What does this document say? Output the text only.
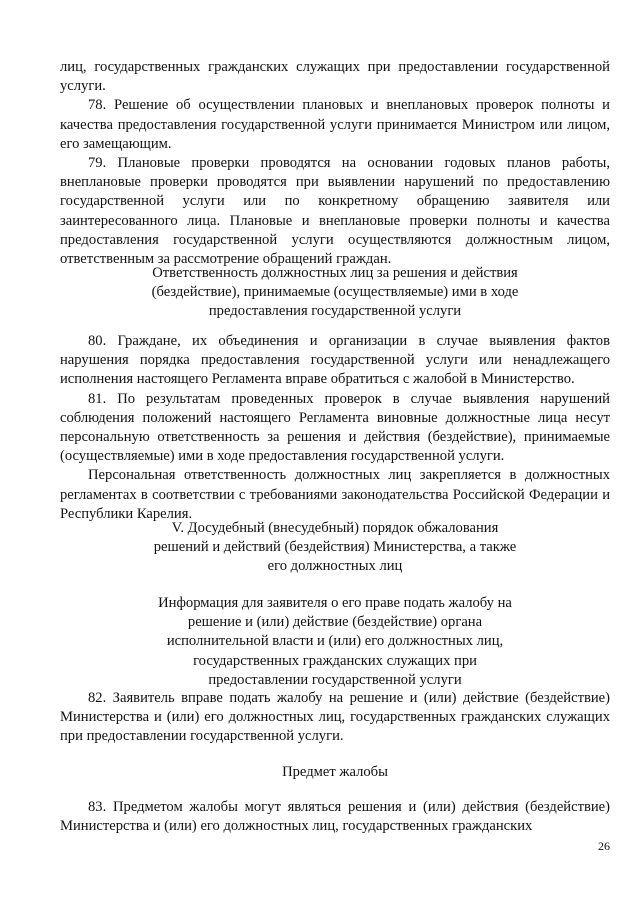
лиц, государственных гражданских служащих при предоставлении государственной услуги.

78. Решение об осуществлении плановых и внеплановых проверок полноты и качества предоставления государственной услуги принимается Министром или лицом, его замещающим.

79. Плановые проверки проводятся на основании годовых планов работы, внеплановые проверки проводятся при выявлении нарушений по предоставлению государственной услуги или по конкретному обращению заявителя или заинтересованного лица. Плановые и внеплановые проверки полноты и качества предоставления государственной услуги осуществляются должностным лицом, ответственным за рассмотрение обращений граждан.

Ответственность должностных лиц за решения и действия (бездействие), принимаемые (осуществляемые) ими в ходе предоставления государственной услуги

80. Граждане, их объединения и организации в случае выявления фактов нарушения порядка предоставления государственной услуги или ненадлежащего исполнения настоящего Регламента вправе обратиться с жалобой в Министерство.

81. По результатам проведенных проверок в случае выявления нарушений соблюдения положений настоящего Регламента виновные должностные лица несут персональную ответственность за решения и действия (бездействие), принимаемые (осуществляемые) ими в ходе предоставления государственной услуги.

Персональная ответственность должностных лиц закрепляется в должностных регламентах в соответствии с требованиями законодательства Российской Федерации и Республики Карелия.

V. Досудебный (внесудебный) порядок обжалования решений и действий (бездействия) Министерства, а также его должностных лиц

Информация для заявителя о его праве подать жалобу на решение и (или) действие (бездействие) органа исполнительной власти и (или) его должностных лиц, государственных гражданских служащих при предоставлении государственной услуги

82. Заявитель вправе подать жалобу на решение и (или) действие (бездействие) Министерства и (или) его должностных лиц, государственных гражданских служащих при предоставлении государственной услуги.

Предмет жалобы

83. Предметом жалобы могут являться решения и (или) действия (бездействие) Министерства и (или) его должностных лиц, государственных гражданских

26
